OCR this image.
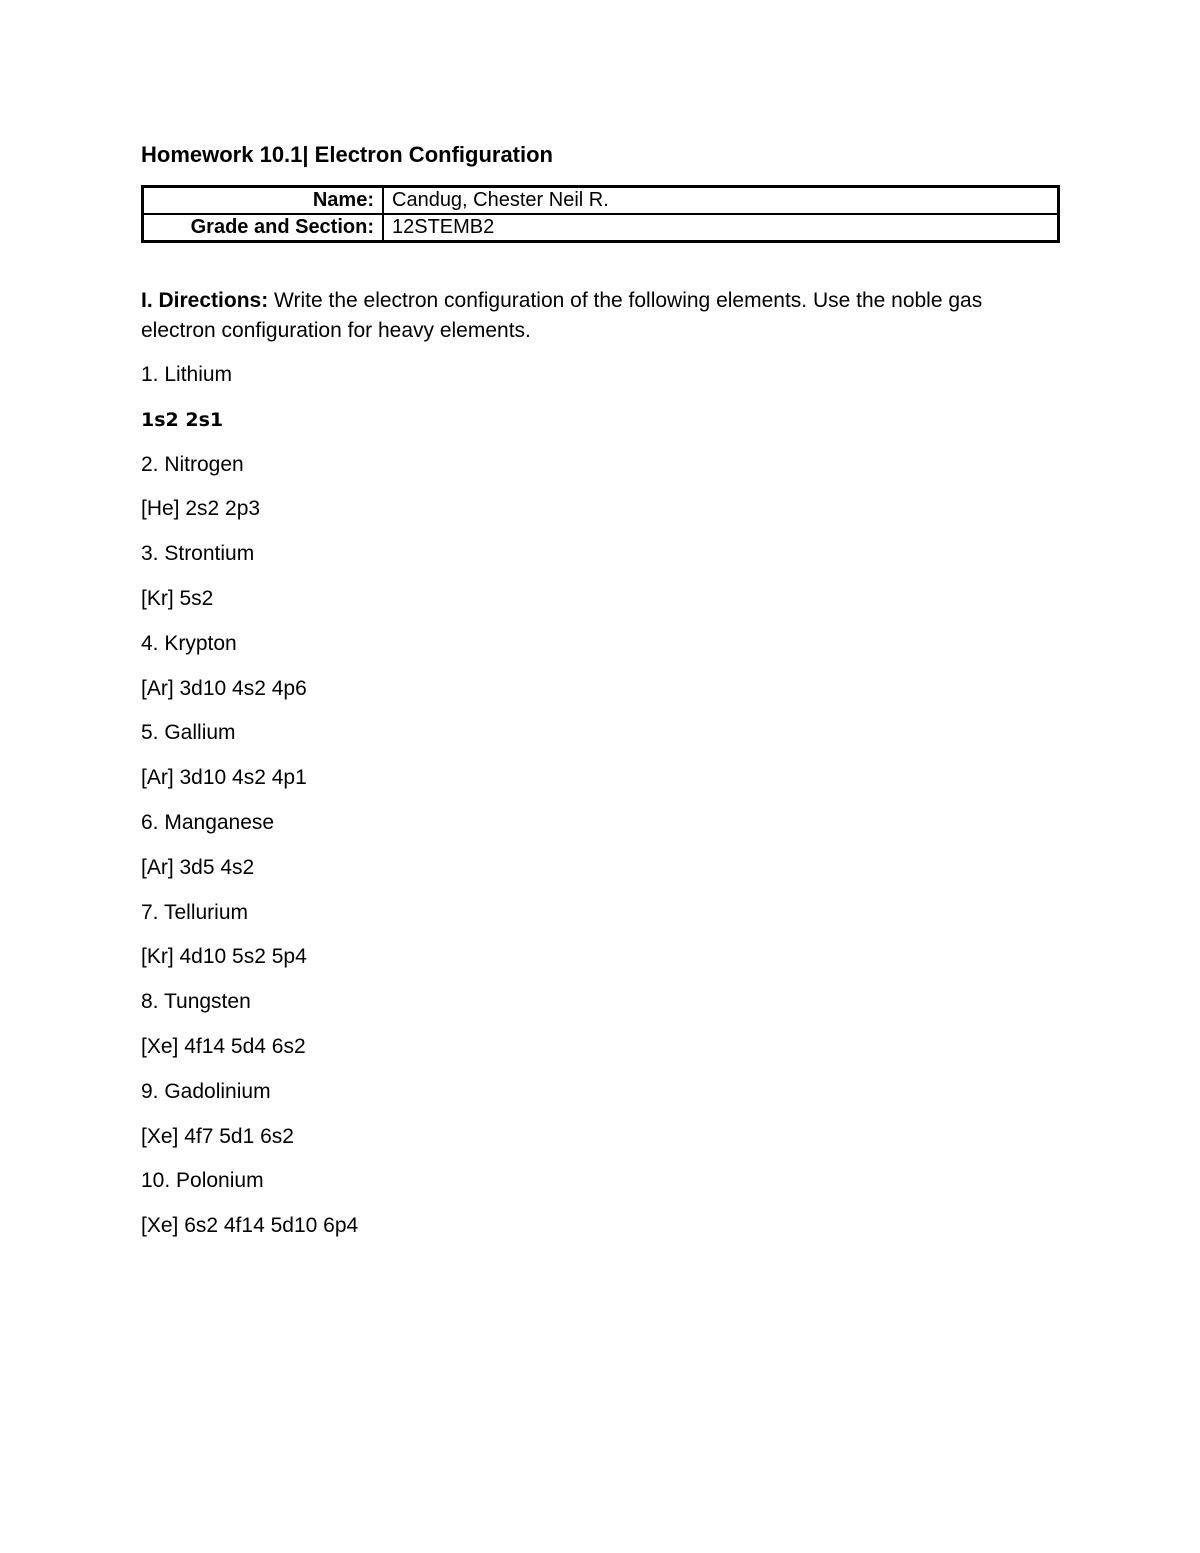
Homework 10.1| Electron Configuration
Name:	Candug, Chester Neil R.
Grade and Section:	12STEMB2
I. Directions: Write the electron configuration of the following elements. Use the noble gas electron configuration for heavy elements.
1. Lithium
1s2 2s1
2. Nitrogen
[He] 2s2 2p3
3. Strontium
[Kr] 5s2
4. Krypton
[Ar] 3d10 4s2 4p6
5. Gallium
[Ar] 3d10 4s2 4p1
6. Manganese
[Ar] 3d5 4s2
7. Tellurium
[Kr] 4d10 5s2 5p4
8. Tungsten
[Xe] 4f14 5d4 6s2
9. Gadolinium
[Xe] 4f7 5d1 6s2
10. Polonium
[Xe] 6s2 4f14 5d10 6p4
